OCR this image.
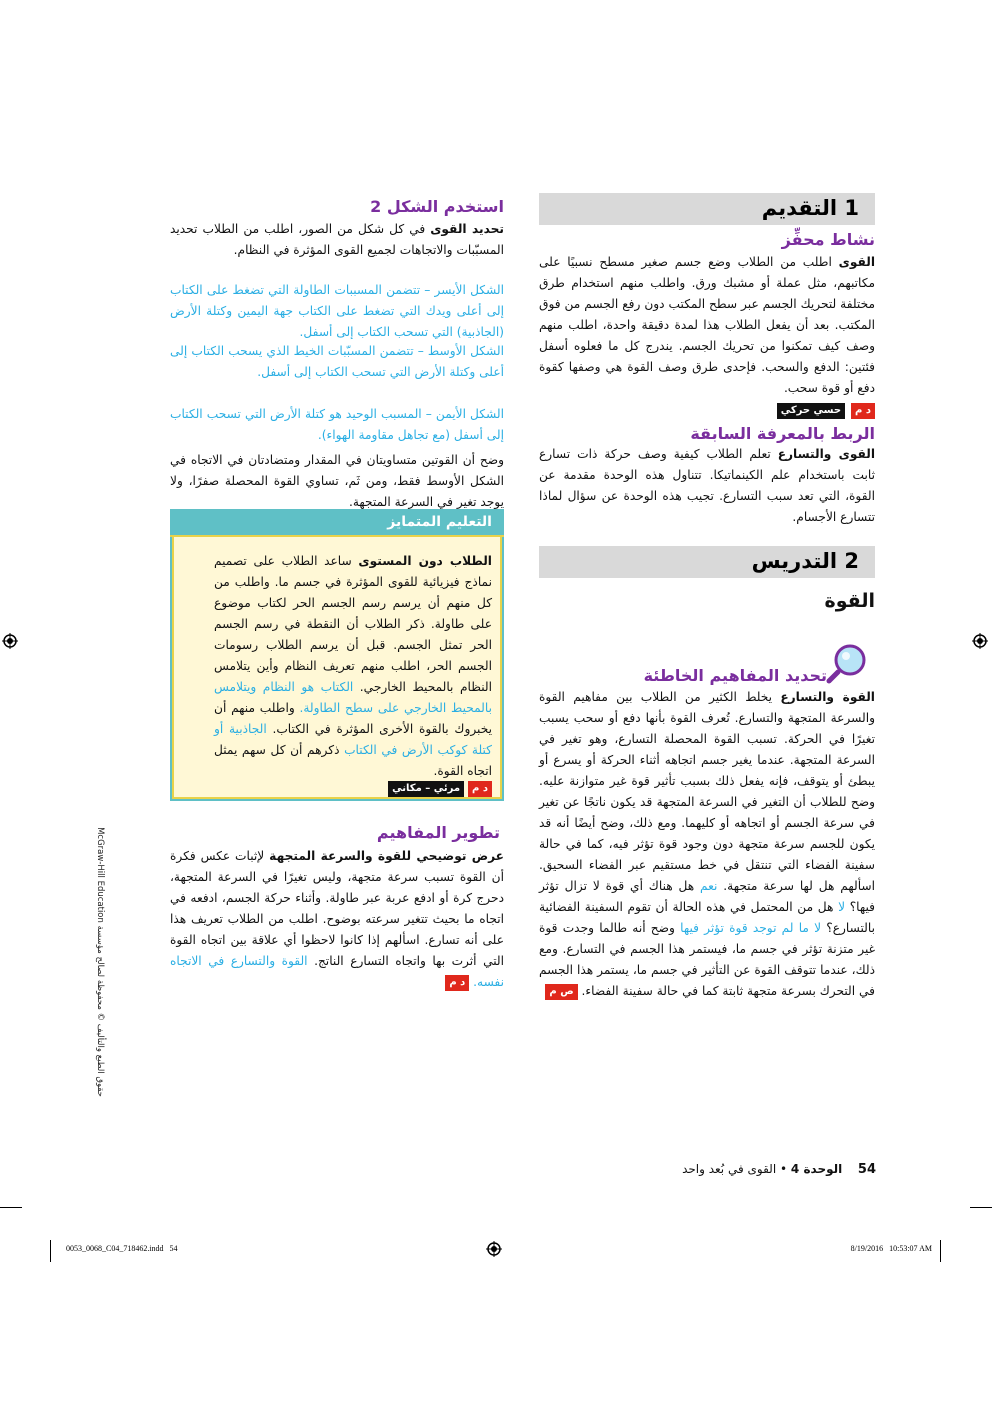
1 التقديم
نشاط محفِّز

القوى اطلب من الطلاب وضع جسم صغير مسطح نسبيًا على مكاتبهم، مثل عملة أو مشبك ورق. واطلب منهم استخدام طرق مختلفة لتحريك الجسم عبر سطح المكتب دون رفع الجسم من فوق المكتب. بعد أن يفعل الطلاب هذا لمدة دقيقة واحدة، اطلب منهم وصف كيف تمكنوا من تحريك الجسم. يندرج كل ما فعلوه أسفل فئتين: الدفع والسحب. فإحدى طرق وصف القوة هي وصفها كقوة دفع أو قوة سحب.

د محسي حركي
الربط بالمعرفة السابقة

القوى والتسارع تعلم الطلاب كيفية وصف حركة ذات تسارع ثابت باستخدام علم الكينماتيكا. تتناول هذه الوحدة مقدمة عن القوة، التي تعد سبب التسارع. تجيب هذه الوحدة عن سؤال لماذا تتسارع الأجسام.

2 التدريس
القوة
تحديد المفاهيم الخاطئة

القوة والتسارع يخلط الكثير من الطلاب بين مفاهيم القوة والسرعة المتجهة والتسارع. تُعرف القوة بأنها دفع أو سحب يسبب تغيرًا في الحركة. تسبب القوة المحصلة التسارع، وهو تغير في السرعة المتجهة. عندما يغير جسم اتجاهه أثناء الحركة أو يسرع أو يبطئ أو يتوقف، فإنه يفعل ذلك بسبب تأثير قوة غير متوازنة عليه. وضح للطلاب أن التغير في السرعة المتجهة قد يكون ناتجًا عن تغير في سرعة الجسم أو اتجاهه أو كليهما. ومع ذلك، وضح أيضًا أنه قد يكون للجسم سرعة متجهة دون وجود قوة تؤثر فيه، كما في حالة سفينة الفضاء التي تنتقل في خط مستقيم عبر الفضاء السحيق. اسألهم هل لها سرعة متجهة. نعم هل هناك أي قوة لا تزال تؤثر فيها؟ لا هل من المحتمل في هذه الحالة أن تقوم السفينة الفضائية بالتسارع؟ لا ما لم توجد قوة تؤثر فيها وضح أنه طالما وجدت قوة غير متزنة تؤثر في جسم ما، فيستمر هذا الجسم في التسارع. ومع ذلك، عندما تتوقف القوة عن التأثير في جسم ما، يستمر هذا الجسم في التحرك بسرعة متجهة ثابتة كما في حالة سفينة الفضاء. ص م

استخدم الشكل 2

تحديد القوى في كل شكل من الصور، اطلب من الطلاب تحديد المسبّبات والاتجاهات لجميع القوى المؤثرة في النظام.

الشكل الأيسر – تتضمن المسببات الطاولة التي تضغط على الكتاب إلى أعلى ويدك التي تضغط على الكتاب جهة اليمين وكتلة الأرض (الجاذبية) التي تسحب الكتاب إلى أسفل.

الشكل الأوسط – تتضمن المسبّبات الخيط الذي يسحب الكتاب إلى أعلى وكتلة الأرض التي تسحب الكتاب إلى أسفل.

الشكل الأيمن – المسبب الوحيد هو كتلة الأرض التي تسحب الكتاب إلى أسفل (مع تجاهل مقاومة الهواء).

وضح أن القوتين متساويتان في المقدار ومتضادتان في الاتجاه في الشكل الأوسط فقط، ومن ثَم، تساوي القوة المحصلة صفرًا، ولا يوجد تغير في السرعة المتجهة.

التعليم المتمايز

الطلاب دون المستوى ساعد الطلاب على تصميم نماذج فيزيائية للقوى المؤثرة في جسم ما. واطلب من كل منهم أن يرسم رسم الجسم الحر لكتاب موضوع على طاولة. ذكر الطلاب أن النقطة في رسم الجسم الحر تمثل الجسم. قبل أن يرسم الطلاب رسومات الجسم الحر، اطلب منهم تعريف النظام وأين يتلامس النظام بالمحيط الخارجي. الكتاب هو النظام ويتلامس بالمحيط الخارجي على سطح الطاولة. واطلب منهم أن يخبروك بالقوة الأخرى المؤثرة في الكتاب. الجاذبية أو كتلة كوكب الأرض في الكتاب ذكرهم أن كل سهم يمثل اتجاه القوة.

د ممرئي – مكاني
تطوير المفاهيم

عرض توضيحي للقوة والسرعة المتجهة لإثبات عكس فكرة أن القوة تسبب سرعة متجهة، وليس تغيرًا في السرعة المتجهة، دحرج كرة أو ادفع عربة عبر طاولة. وأثناء حركة الجسم، ادفعه في اتجاه ما بحيث تتغير سرعته بوضوح. اطلب من الطلاب تعريف هذا على أنه تسارع. اسألهم إذا كانوا لاحظوا أي علاقة بين اتجاه القوة التي أثرت بها واتجاه التسارع الناتج. القوة والتسارع في الاتجاه نفسه. د م

حقوق الطبع والتأليف © محفوظة لصالح مؤسسة McGraw-Hill Education
54  الوحدة 4 • القوى في بُعد واحد
0053_0068_C04_718462.indd   54	8/19/2016   10:53:07 AM
